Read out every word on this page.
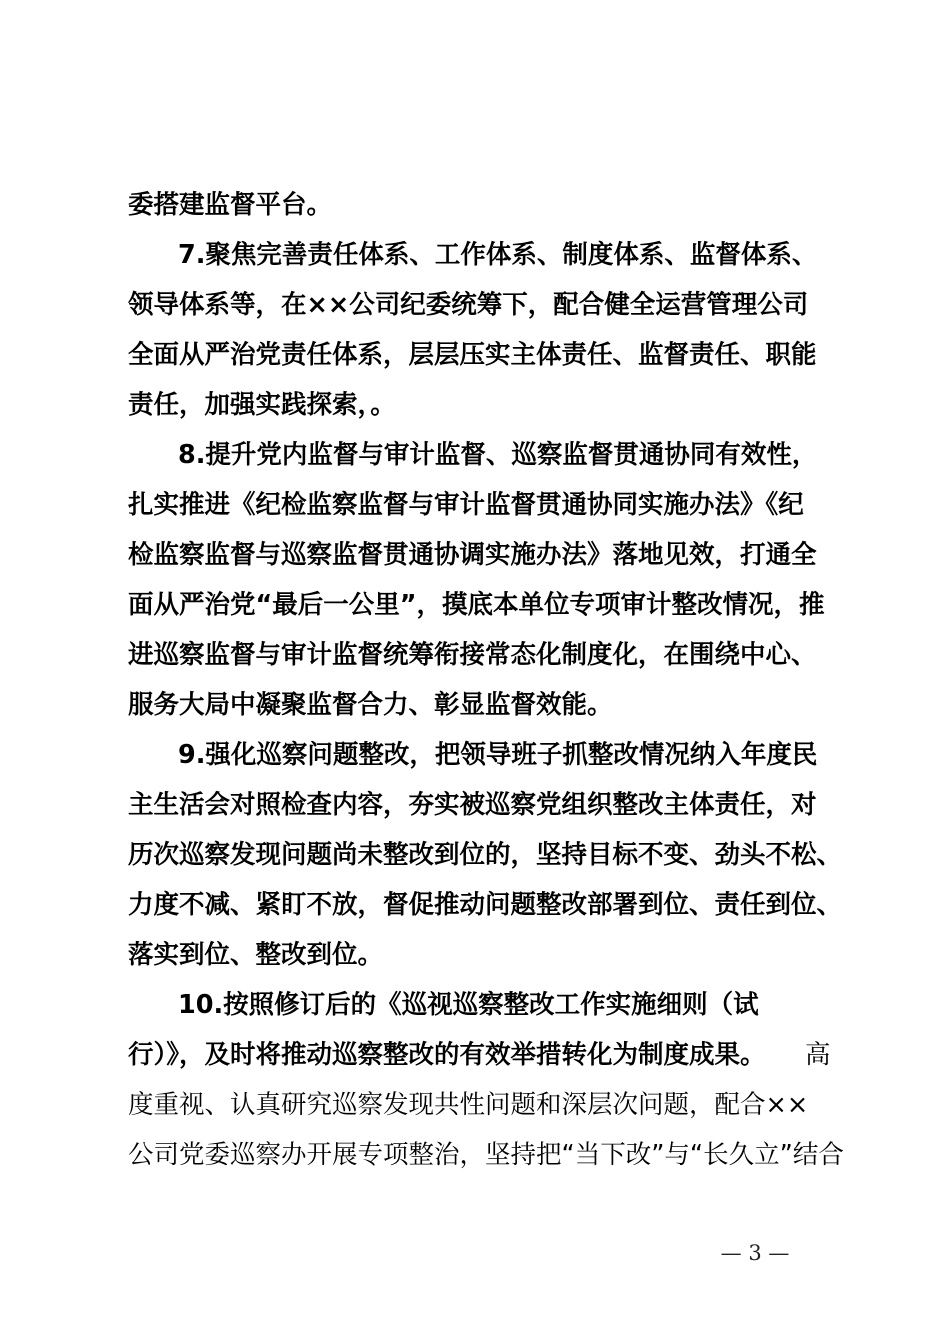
委搭建监督平台。
7.聚焦完善责任体系、工作体系、制度体系、监督体系、
领导体系等，在××公司纪委统筹下，配合健全运营管理公司
全面从严治党责任体系，层层压实主体责任、监督责任、职能
责任，加强实践探索，。
8.提升党内监督与审计监督、巡察监督贯通协同有效性，
扎实推进《纪检监察监督与审计监督贯通协同实施办法》《纪
检监察监督与巡察监督贯通协调实施办法》落地见效，打通全
面从严治党“最后一公里”，摸底本单位专项审计整改情况，推
进巡察监督与审计监督统筹衔接常态化制度化，在围绕中心、
服务大局中凝聚监督合力、彰显监督效能。
9.强化巡察问题整改，把领导班子抓整改情况纳入年度民
主生活会对照检查内容，夯实被巡察党组织整改主体责任，对
历次巡察发现问题尚未整改到位的，坚持目标不变、劲头不松、
力度不减、紧盯不放，督促推动问题整改部署到位、责任到位、
落实到位、整改到位。
10.按照修订后的《巡视巡察整改工作实施细则（试
行）》，及时将推动巡察整改的有效举措转化为制度成果。	高
度重视、认真研究巡察发现共性问题和深层次问题，配合××
公司党委巡察办开展专项整治，坚持把“当下改”与“长久立”结合
— 3 —
